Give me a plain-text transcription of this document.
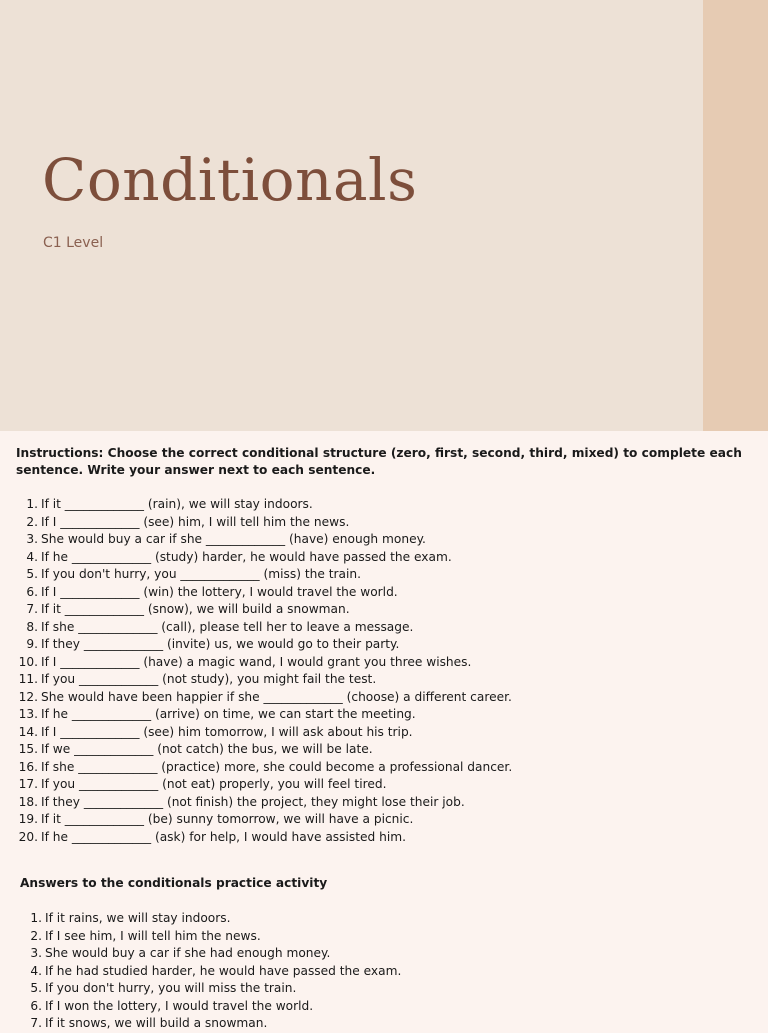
Conditionals
C1 Level
Instructions: Choose the correct conditional structure (zero, first, second, third, mixed) to complete each sentence. Write your answer next to each sentence.
1. If it _____________ (rain), we will stay indoors.
2. If I _____________ (see) him, I will tell him the news.
3. She would buy a car if she _____________ (have) enough money.
4. If he _____________ (study) harder, he would have passed the exam.
5. If you don't hurry, you _____________ (miss) the train.
6. If I _____________ (win) the lottery, I would travel the world.
7. If it _____________ (snow), we will build a snowman.
8. If she _____________ (call), please tell her to leave a message.
9. If they _____________ (invite) us, we would go to their party.
10. If I _____________ (have) a magic wand, I would grant you three wishes.
11. If you _____________ (not study), you might fail the test.
12. She would have been happier if she _____________ (choose) a different career.
13. If he _____________ (arrive) on time, we can start the meeting.
14. If I _____________ (see) him tomorrow, I will ask about his trip.
15. If we _____________ (not catch) the bus, we will be late.
16. If she _____________ (practice) more, she could become a professional dancer.
17. If you _____________ (not eat) properly, you will feel tired.
18. If they _____________ (not finish) the project, they might lose their job.
19. If it _____________ (be) sunny tomorrow, we will have a picnic.
20. If he _____________ (ask) for help, I would have assisted him.
Answers to the conditionals practice activity
1. If it rains, we will stay indoors.
2. If I see him, I will tell him the news.
3. She would buy a car if she had enough money.
4. If he had studied harder, he would have passed the exam.
5. If you don't hurry, you will miss the train.
6. If I won the lottery, I would travel the world.
7. If it snows, we will build a snowman.
